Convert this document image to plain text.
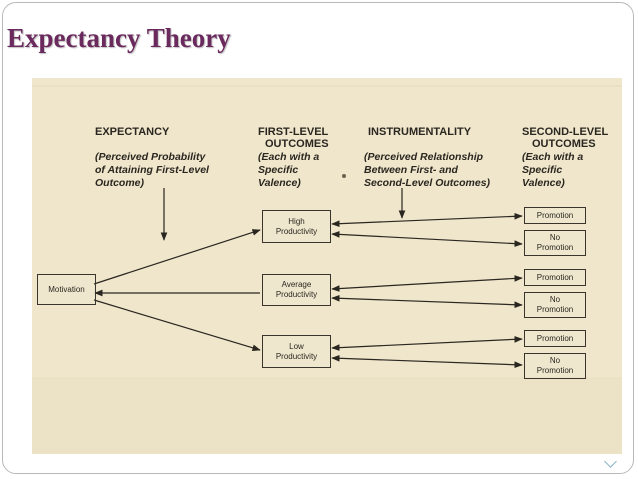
Expectancy Theory
EXPECTANCY	FIRST-LEVEL
OUTCOMES
INSTRUMENTALITY	SECOND-LEVEL
OUTCOMES
(Perceived Probability
of Attaining First-Level
Outcome)
(Each with a
Specific
Valence)
(Perceived Relationship
Between First- and
Second-Level Outcomes)
(Each with a
Specific
Valence)
Motivation
High
Productivity
Average
Productivity
Low
Productivity
Promotion
No
Promotion
Promotion
No
Promotion
Promotion
No
Promotion
